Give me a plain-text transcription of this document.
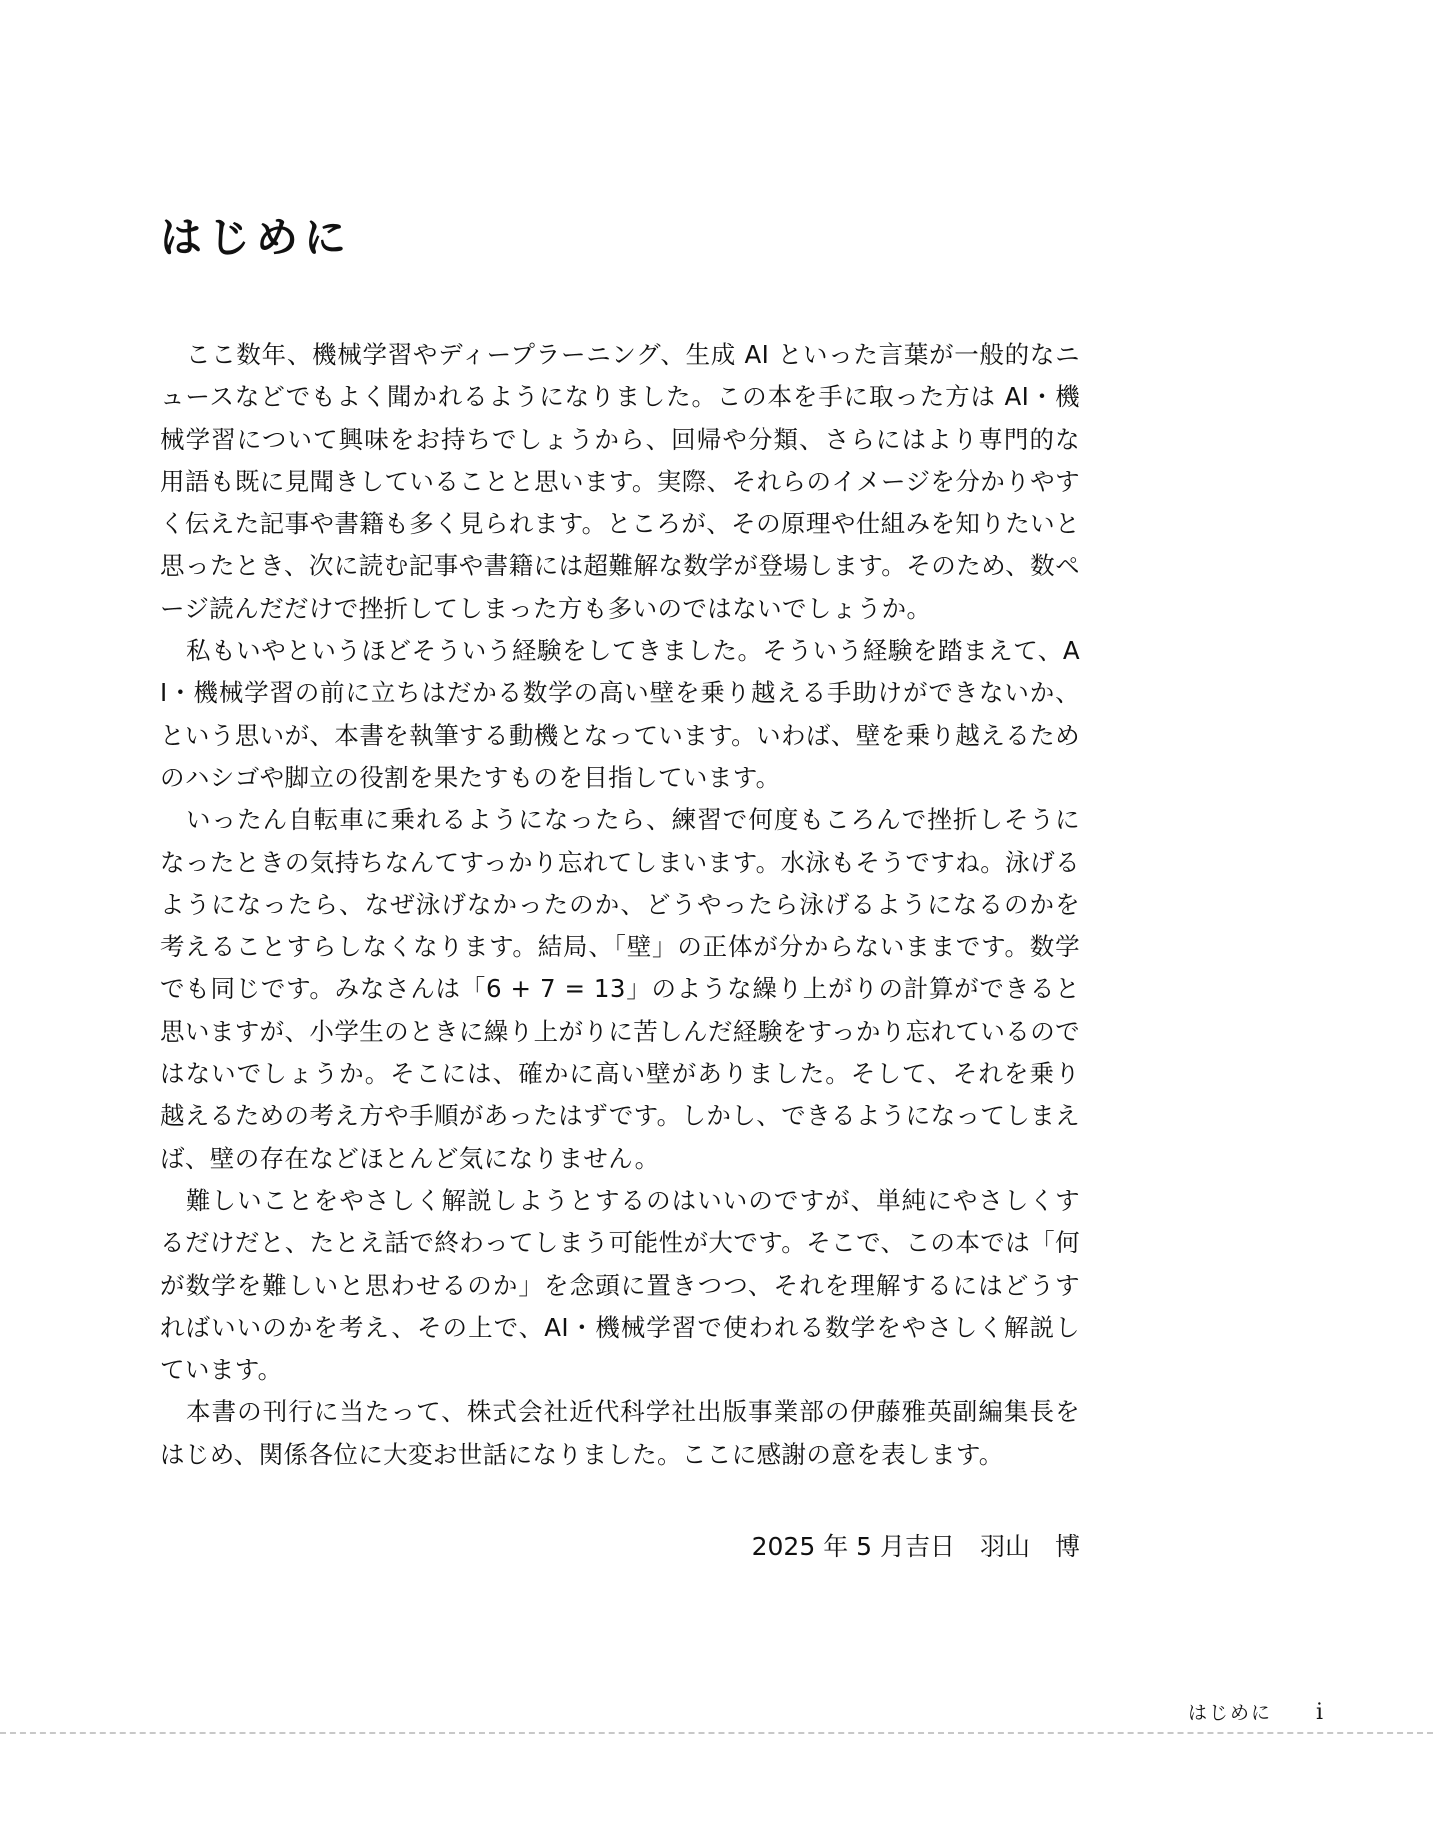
はじめに

ここ数年、機械学習やディープラーニング、生成 AI といった言葉が一般的なニュースなどでもよく聞かれるようになりました。この本を手に取った方は AI・機械学習について興味をお持ちでしょうから、回帰や分類、さらにはより専門的な用語も既に見聞きしていることと思います。実際、それらのイメージを分かりやすく伝えた記事や書籍も多く見られます。ところが、その原理や仕組みを知りたいと思ったとき、次に読む記事や書籍には超難解な数学が登場します。そのため、数ページ読んだだけで挫折してしまった方も多いのではないでしょうか。

私もいやというほどそういう経験をしてきました。そういう経験を踏まえて、AI・機械学習の前に立ちはだかる数学の高い壁を乗り越える手助けができないか、という思いが、本書を執筆する動機となっています。いわば、壁を乗り越えるためのハシゴや脚立の役割を果たすものを目指しています。

いったん自転車に乗れるようになったら、練習で何度もころんで挫折しそうになったときの気持ちなんてすっかり忘れてしまいます。水泳もそうですね。泳げるようになったら、なぜ泳げなかったのか、どうやったら泳げるようになるのかを考えることすらしなくなります。結局、「壁」の正体が分からないままです。数学でも同じです。みなさんは「6 + 7 = 13」のような繰り上がりの計算ができると思いますが、小学生のときに繰り上がりに苦しんだ経験をすっかり忘れているのではないでしょうか。そこには、確かに高い壁がありました。そして、それを乗り越えるための考え方や手順があったはずです。しかし、できるようになってしまえば、壁の存在などほとんど気になりません。

難しいことをやさしく解説しようとするのはいいのですが、単純にやさしくするだけだと、たとえ話で終わってしまう可能性が大です。そこで、この本では「何が数学を難しいと思わせるのか」を念頭に置きつつ、それを理解するにはどうすればいいのかを考え、その上で、AI・機械学習で使われる数学をやさしく解説しています。

本書の刊行に当たって、株式会社近代科学社出版事業部の伊藤雅英副編集長をはじめ、関係各位に大変お世話になりました。ここに感謝の意を表します。

2025 年 5 月吉日　羽山　博
はじめに i
